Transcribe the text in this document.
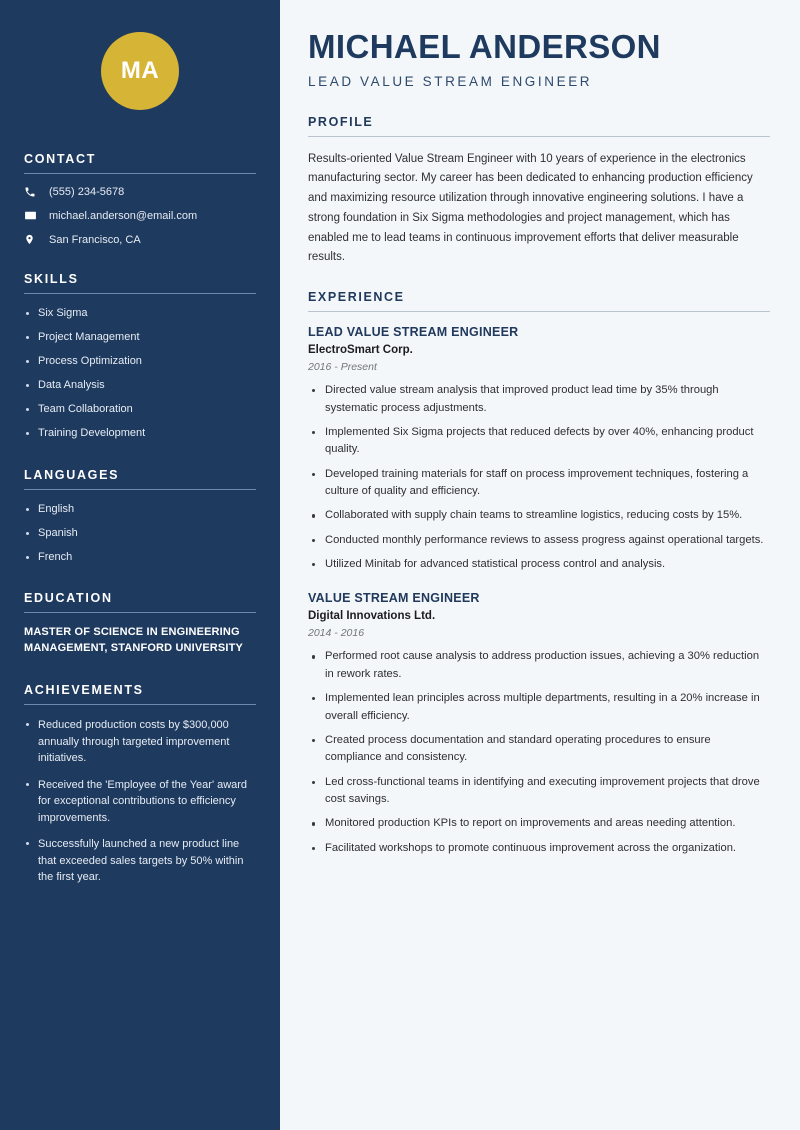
MA
CONTACT
(555) 234-5678
michael.anderson@email.com
San Francisco, CA
SKILLS
Six Sigma
Project Management
Process Optimization
Data Analysis
Team Collaboration
Training Development
LANGUAGES
English
Spanish
French
EDUCATION
MASTER OF SCIENCE IN ENGINEERING MANAGEMENT, STANFORD UNIVERSITY
ACHIEVEMENTS
Reduced production costs by $300,000 annually through targeted improvement initiatives.
Received the 'Employee of the Year' award for exceptional contributions to efficiency improvements.
Successfully launched a new product line that exceeded sales targets by 50% within the first year.
MICHAEL ANDERSON
LEAD VALUE STREAM ENGINEER
PROFILE

Results-oriented Value Stream Engineer with 10 years of experience in the electronics manufacturing sector. My career has been dedicated to enhancing production efficiency and maximizing resource utilization through innovative engineering solutions. I have a strong foundation in Six Sigma methodologies and project management, which has enabled me to lead teams in continuous improvement efforts that deliver measurable results.

EXPERIENCE
LEAD VALUE STREAM ENGINEER
ElectroSmart Corp.
2016 - Present
Directed value stream analysis that improved product lead time by 35% through systematic process adjustments.
Implemented Six Sigma projects that reduced defects by over 40%, enhancing product quality.
Developed training materials for staff on process improvement techniques, fostering a culture of quality and efficiency.
Collaborated with supply chain teams to streamline logistics, reducing costs by 15%.
Conducted monthly performance reviews to assess progress against operational targets.
Utilized Minitab for advanced statistical process control and analysis.
VALUE STREAM ENGINEER
Digital Innovations Ltd.
2014 - 2016
Performed root cause analysis to address production issues, achieving a 30% reduction in rework rates.
Implemented lean principles across multiple departments, resulting in a 20% increase in overall efficiency.
Created process documentation and standard operating procedures to ensure compliance and consistency.
Led cross-functional teams in identifying and executing improvement projects that drove cost savings.
Monitored production KPIs to report on improvements and areas needing attention.
Facilitated workshops to promote continuous improvement across the organization.
